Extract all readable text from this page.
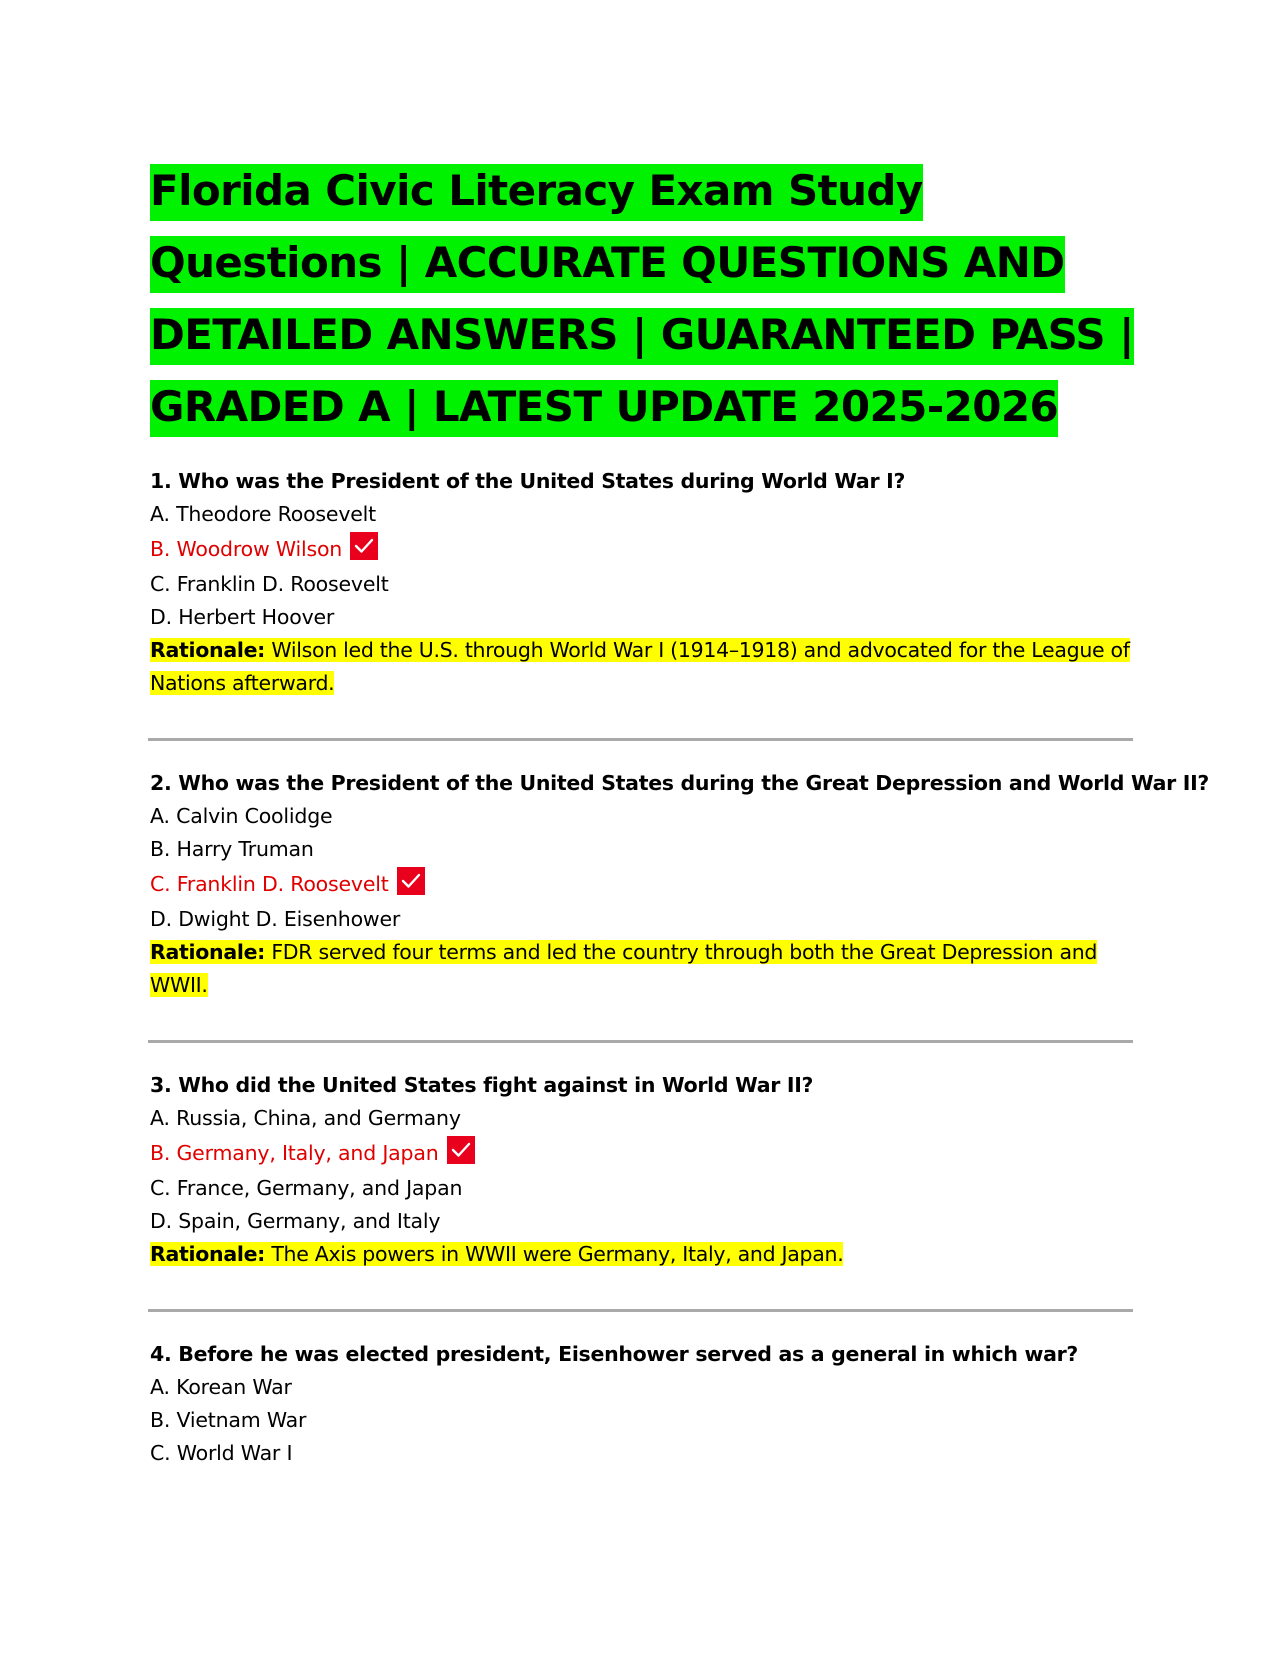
Florida Civic Literacy Exam Study Questions | ACCURATE QUESTIONS AND DETAILED ANSWERS | GUARANTEED PASS | GRADED A | LATEST UPDATE 2025-2026
1. Who was the President of the United States during World War I?
A. Theodore Roosevelt
B. Woodrow Wilson
C. Franklin D. Roosevelt
D. Herbert Hoover
Rationale: Wilson led the U.S. through World War I (1914–1918) and advocated for the League of Nations afterward.
2. Who was the President of the United States during the Great Depression and World War II?
A. Calvin Coolidge
B. Harry Truman
C. Franklin D. Roosevelt
D. Dwight D. Eisenhower
Rationale: FDR served four terms and led the country through both the Great Depression and WWII.
3. Who did the United States fight against in World War II?
A. Russia, China, and Germany
B. Germany, Italy, and Japan
C. France, Germany, and Japan
D. Spain, Germany, and Italy
Rationale: The Axis powers in WWII were Germany, Italy, and Japan.
4. Before he was elected president, Eisenhower served as a general in which war?
A. Korean War
B. Vietnam War
C. World War I
